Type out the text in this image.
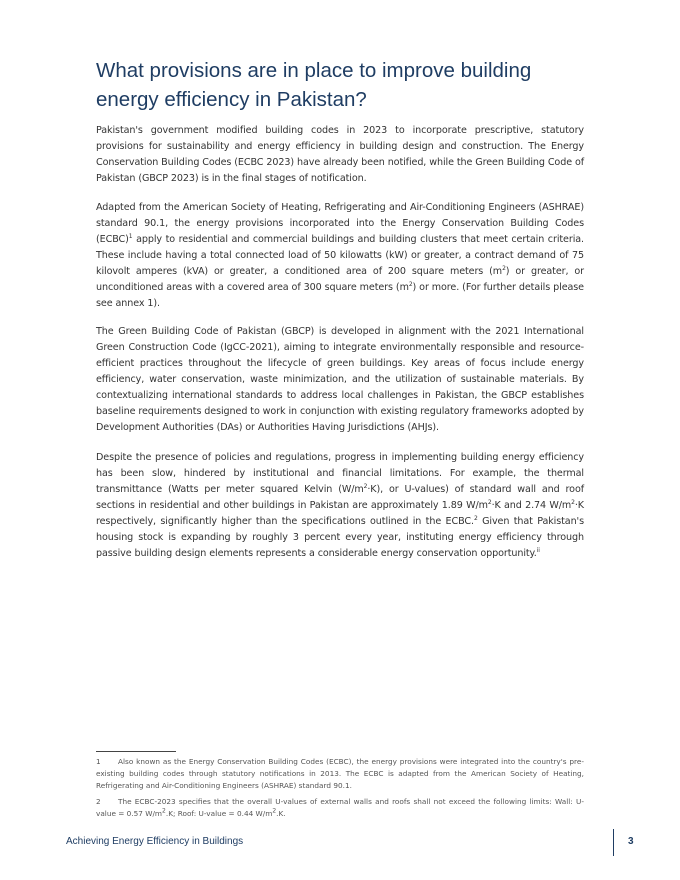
What provisions are in place to improve building energy efficiency in Pakistan?

Pakistan's government modified building codes in 2023 to incorporate prescriptive, statutory provisions for sustainability and energy efficiency in building design and construction. The Energy Conservation Building Codes (ECBC 2023) have already been notified, while the Green Building Code of Pakistan (GBCP 2023) is in the final stages of notification.

Adapted from the American Society of Heating, Refrigerating and Air-Conditioning Engineers (ASHRAE) standard 90.1, the energy provisions incorporated into the Energy Conservation Building Codes (ECBC)$^1$ apply to residential and commercial buildings and building clusters that meet certain criteria. These include having a total connected load of 50 kilowatts (kW) or greater, a contract demand of 75 kilovolt amperes (kVA) or greater, a conditioned area of 200 square meters $(m^2)$ or greater, or unconditioned areas with a covered area of 300 square meters $(m^2)$ or more. (For further details please see annex 1).

The Green Building Code of Pakistan (GBCP) is developed in alignment with the 2021 International Green Construction Code (IgCC-2021), aiming to integrate environmentally responsible and resource-efficient practices throughout the lifecycle of green buildings. Key areas of focus include energy efficiency, water conservation, waste minimization, and the utilization of sustainable materials. By contextualizing international standards to address local challenges in Pakistan, the GBCP establishes baseline requirements designed to work in conjunction with existing regulatory frameworks adopted by Development Authorities (DAs) or Authorities Having Jurisdictions (AHJs).

Despite the presence of policies and regulations, progress in implementing building energy efficiency has been slow, hindered by institutional and financial limitations. For example, the thermal transmittance (Watts per meter squared Kelvin $(W/m^2\cdot K)$, or U-values) of standard wall and roof sections in residential and other buildings in Pakistan are approximately 1.89 $W/m^2\cdot K$ and 2.74 $W/m^2\cdot K$ respectively, significantly higher than the specifications outlined in the ECBC.$^2$ Given that Pakistan's housing stock is expanding by roughly 3 percent every year, instituting energy efficiency through passive building design elements represents a considerable energy conservation opportunity.$^{ii}$

1 Also known as the Energy Conservation Building Codes (ECBC), the energy provisions were integrated into the country's pre-existing building codes through statutory notifications in 2013. The ECBC is adapted from the American Society of Heating, Refrigerating and Air-Conditioning Engineers (ASHRAE) standard 90.1.

2 The ECBC-2023 specifies that the overall U-values of external walls and roofs shall not exceed the following limits: Wall: U-value = 0.57 $W/m^2.K$; Roof: U-value = 0.44 $W/m^2.K$.

Achieving Energy Efficiency in Buildings	3
